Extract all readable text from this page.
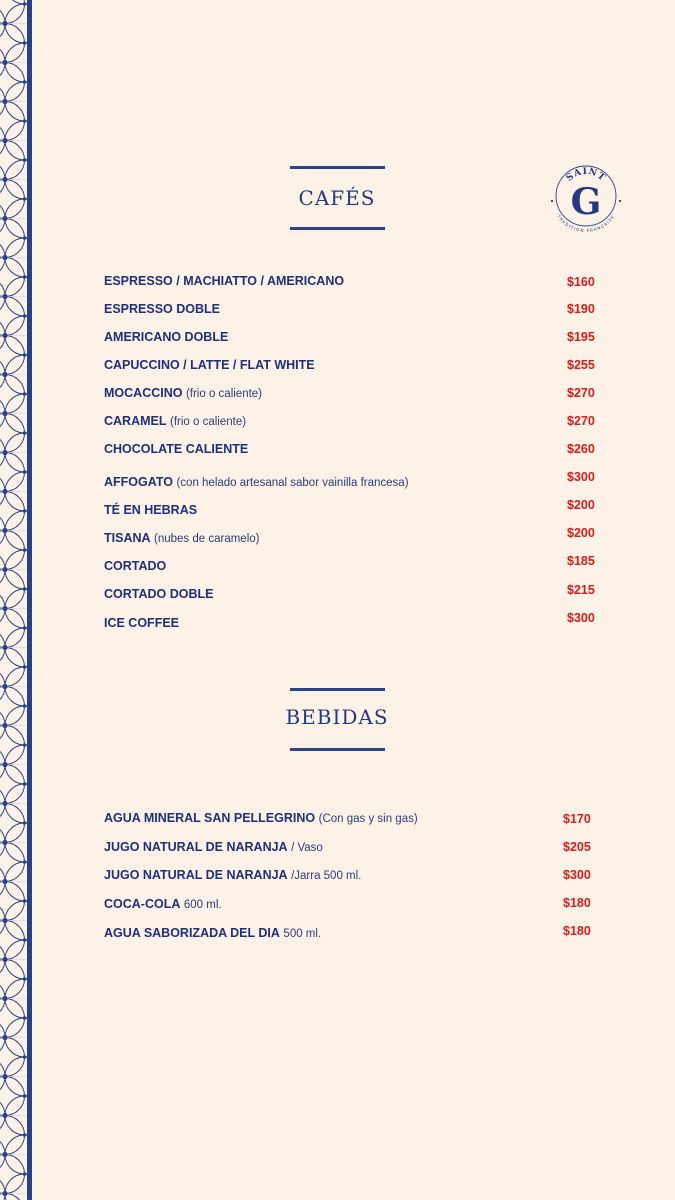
SAINT
G
TRADITION FRANÇAISE
CAFÉS
ESPRESSO / MACHIATTO / AMERICANO	$160
ESPRESSO DOBLE	$190
AMERICANO DOBLE	$195
CAPUCCINO / LATTE / FLAT WHITE	$255
MOCACCINO (frio o caliente)	$270
CARAMEL (frio o caliente)	$270
CHOCOLATE CALIENTE	$260
AFFOGATO (con helado artesanal sabor vainilla francesa)	$300
TÉ EN HEBRAS	$200
TISANA (nubes de caramelo)	$200
CORTADO	$185
CORTADO DOBLE	$215
ICE COFFEE	$300
BEBIDAS
AGUA MINERAL SAN PELLEGRINO (Con gas y sin gas)	$170
JUGO NATURAL DE NARANJA / Vaso	$205
JUGO NATURAL DE NARANJA /Jarra 500 ml.	$300
COCA-COLA 600 ml.	$180
AGUA SABORIZADA DEL DIA 500 ml.	$180
